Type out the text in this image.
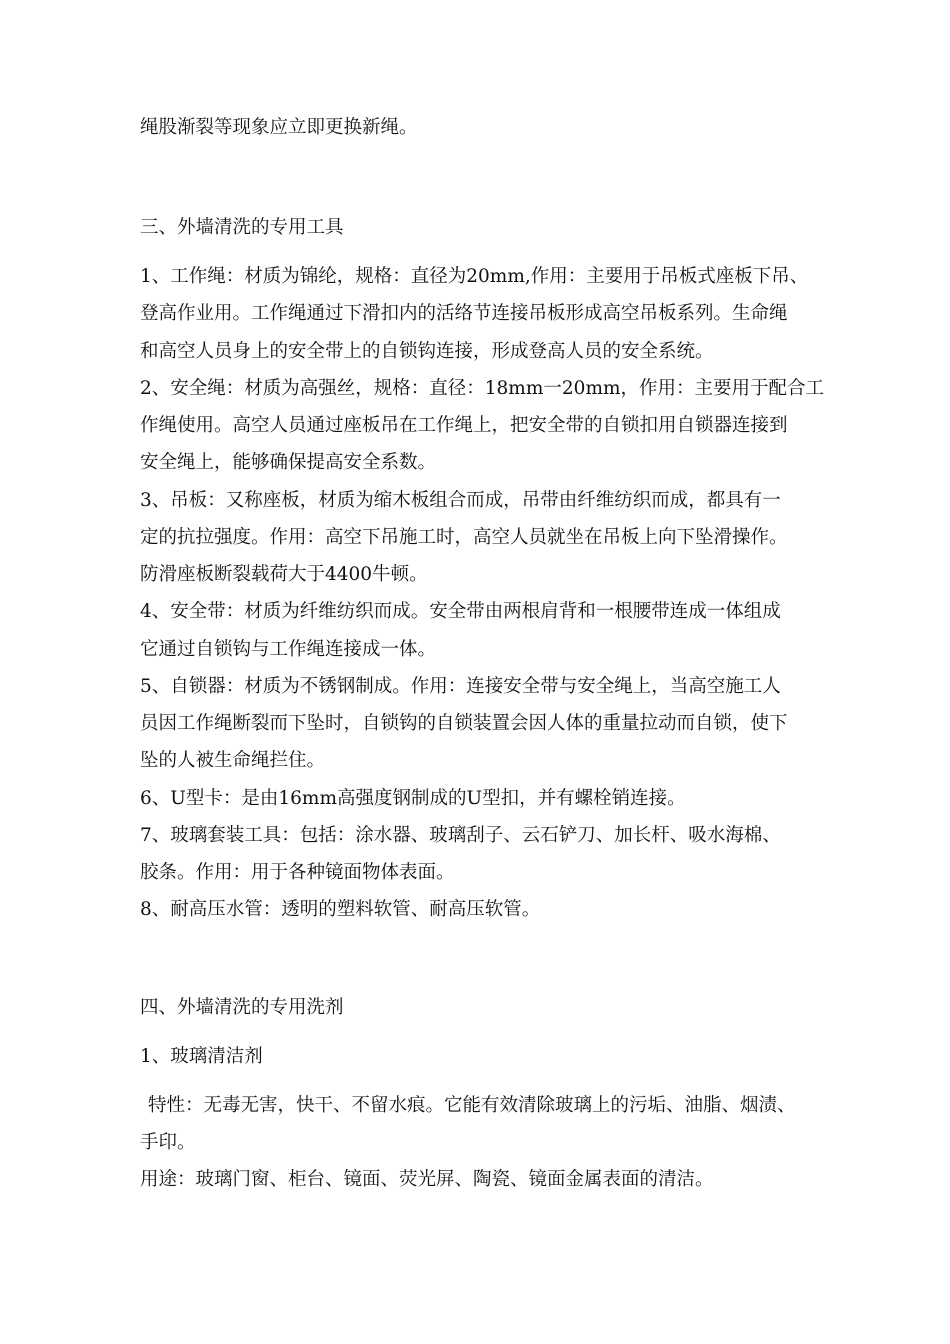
绳股渐裂等现象应立即更换新绳。
三、外墙清洗的专用工具
1、工作绳：材质为锦纶，规格：直径为20mm,作用：主要用于吊板式座板下吊、
登高作业用。工作绳通过下滑扣内的活络节连接吊板形成高空吊板系列。生命绳
和高空人员身上的安全带上的自锁钩连接，形成登高人员的安全系统。
2、安全绳：材质为高强丝，规格：直径：18mm一20mm，作用：主要用于配合工
作绳使用。高空人员通过座板吊在工作绳上，把安全带的自锁扣用自锁器连接到
安全绳上，能够确保提高安全系数。
3、吊板：又称座板，材质为缩木板组合而成，吊带由纤维纺织而成，都具有一
定的抗拉强度。作用：高空下吊施工时，高空人员就坐在吊板上向下坠滑操作。
防滑座板断裂载荷大于4400牛顿。
4、安全带：材质为纤维纺织而成。安全带由两根肩背和一根腰带连成一体组成
它通过自锁钩与工作绳连接成一体。
5、自锁器：材质为不锈钢制成。作用：连接安全带与安全绳上，当高空施工人
员因工作绳断裂而下坠时，自锁钩的自锁装置会因人体的重量拉动而自锁，使下
坠的人被生命绳拦住。
6、U型卡：是由16mm高强度钢制成的U型扣，并有螺栓销连接。
7、玻璃套装工具：包括：涂水器、玻璃刮子、云石铲刀、加长杆、吸水海棉、
胶条。作用：用于各种镜面物体表面。
8、耐高压水管：透明的塑料软管、耐高压软管。
四、外墙清洗的专用洗剂
1、玻璃清洁剂
特性：无毒无害，快干、不留水痕。它能有效清除玻璃上的污垢、油脂、烟渍、
手印。
用途：玻璃门窗、柜台、镜面、荧光屏、陶瓷、镜面金属表面的清洁。
